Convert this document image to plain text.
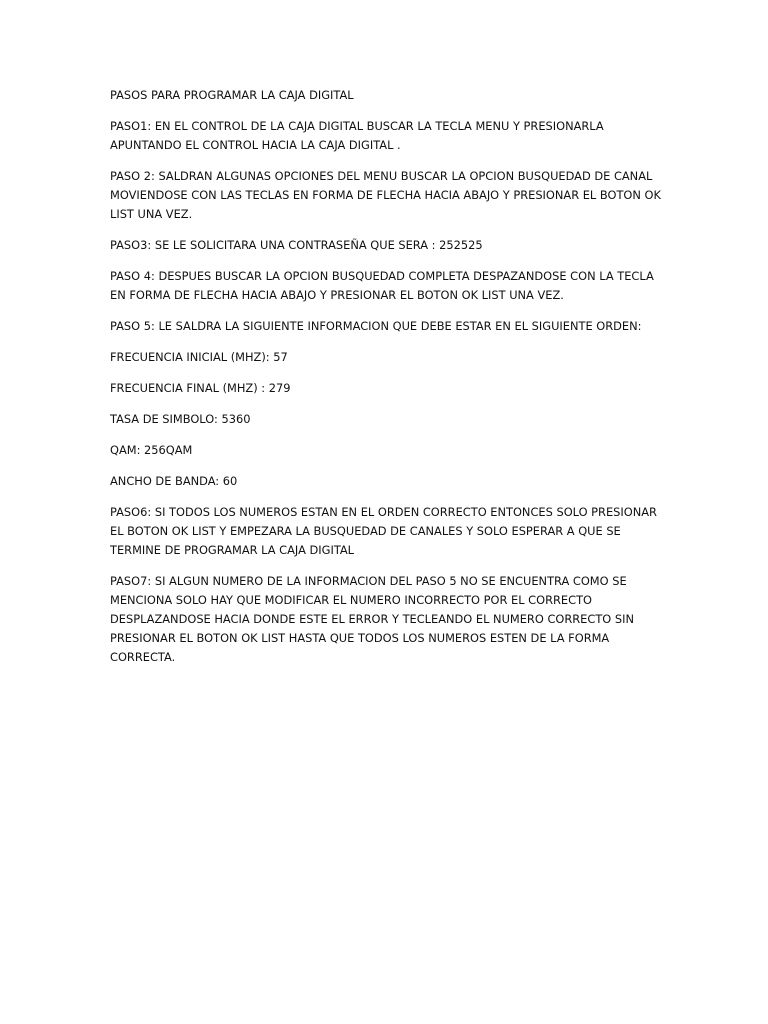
PASOS PARA PROGRAMAR LA CAJA DIGITAL

PASO1: EN EL CONTROL DE LA CAJA DIGITAL BUSCAR LA TECLA MENU Y PRESIONARLA APUNTANDO EL CONTROL HACIA LA CAJA DIGITAL .

PASO 2: SALDRAN ALGUNAS OPCIONES DEL MENU BUSCAR LA OPCION BUSQUEDAD DE CANAL MOVIENDOSE CON LAS TECLAS EN FORMA DE FLECHA HACIA ABAJO Y PRESIONAR EL BOTON OK LIST UNA VEZ.

PASO3: SE LE SOLICITARA UNA CONTRASEÑA QUE SERA : 252525

PASO 4: DESPUES BUSCAR LA OPCION BUSQUEDAD COMPLETA DESPAZANDOSE CON LA TECLA EN FORMA DE FLECHA HACIA ABAJO Y PRESIONAR EL BOTON OK LIST UNA VEZ.

PASO 5: LE SALDRA LA SIGUIENTE INFORMACION QUE DEBE ESTAR EN EL SIGUIENTE ORDEN:

FRECUENCIA INICIAL (MHZ): 57

FRECUENCIA FINAL (MHZ) : 279

TASA DE SIMBOLO: 5360

QAM: 256QAM

ANCHO DE BANDA: 60

PASO6: SI TODOS LOS NUMEROS ESTAN EN EL ORDEN CORRECTO ENTONCES SOLO PRESIONAR EL BOTON OK LIST Y EMPEZARA LA BUSQUEDAD DE CANALES Y SOLO ESPERAR A QUE SE TERMINE DE PROGRAMAR LA CAJA DIGITAL

PASO7: SI ALGUN NUMERO DE LA INFORMACION DEL PASO 5 NO SE ENCUENTRA COMO SE MENCIONA SOLO HAY QUE MODIFICAR EL NUMERO INCORRECTO POR EL CORRECTO DESPLAZANDOSE HACIA DONDE ESTE EL ERROR Y TECLEANDO EL NUMERO CORRECTO SIN PRESIONAR EL BOTON OK LIST HASTA QUE TODOS LOS NUMEROS ESTEN DE LA FORMA CORRECTA.
